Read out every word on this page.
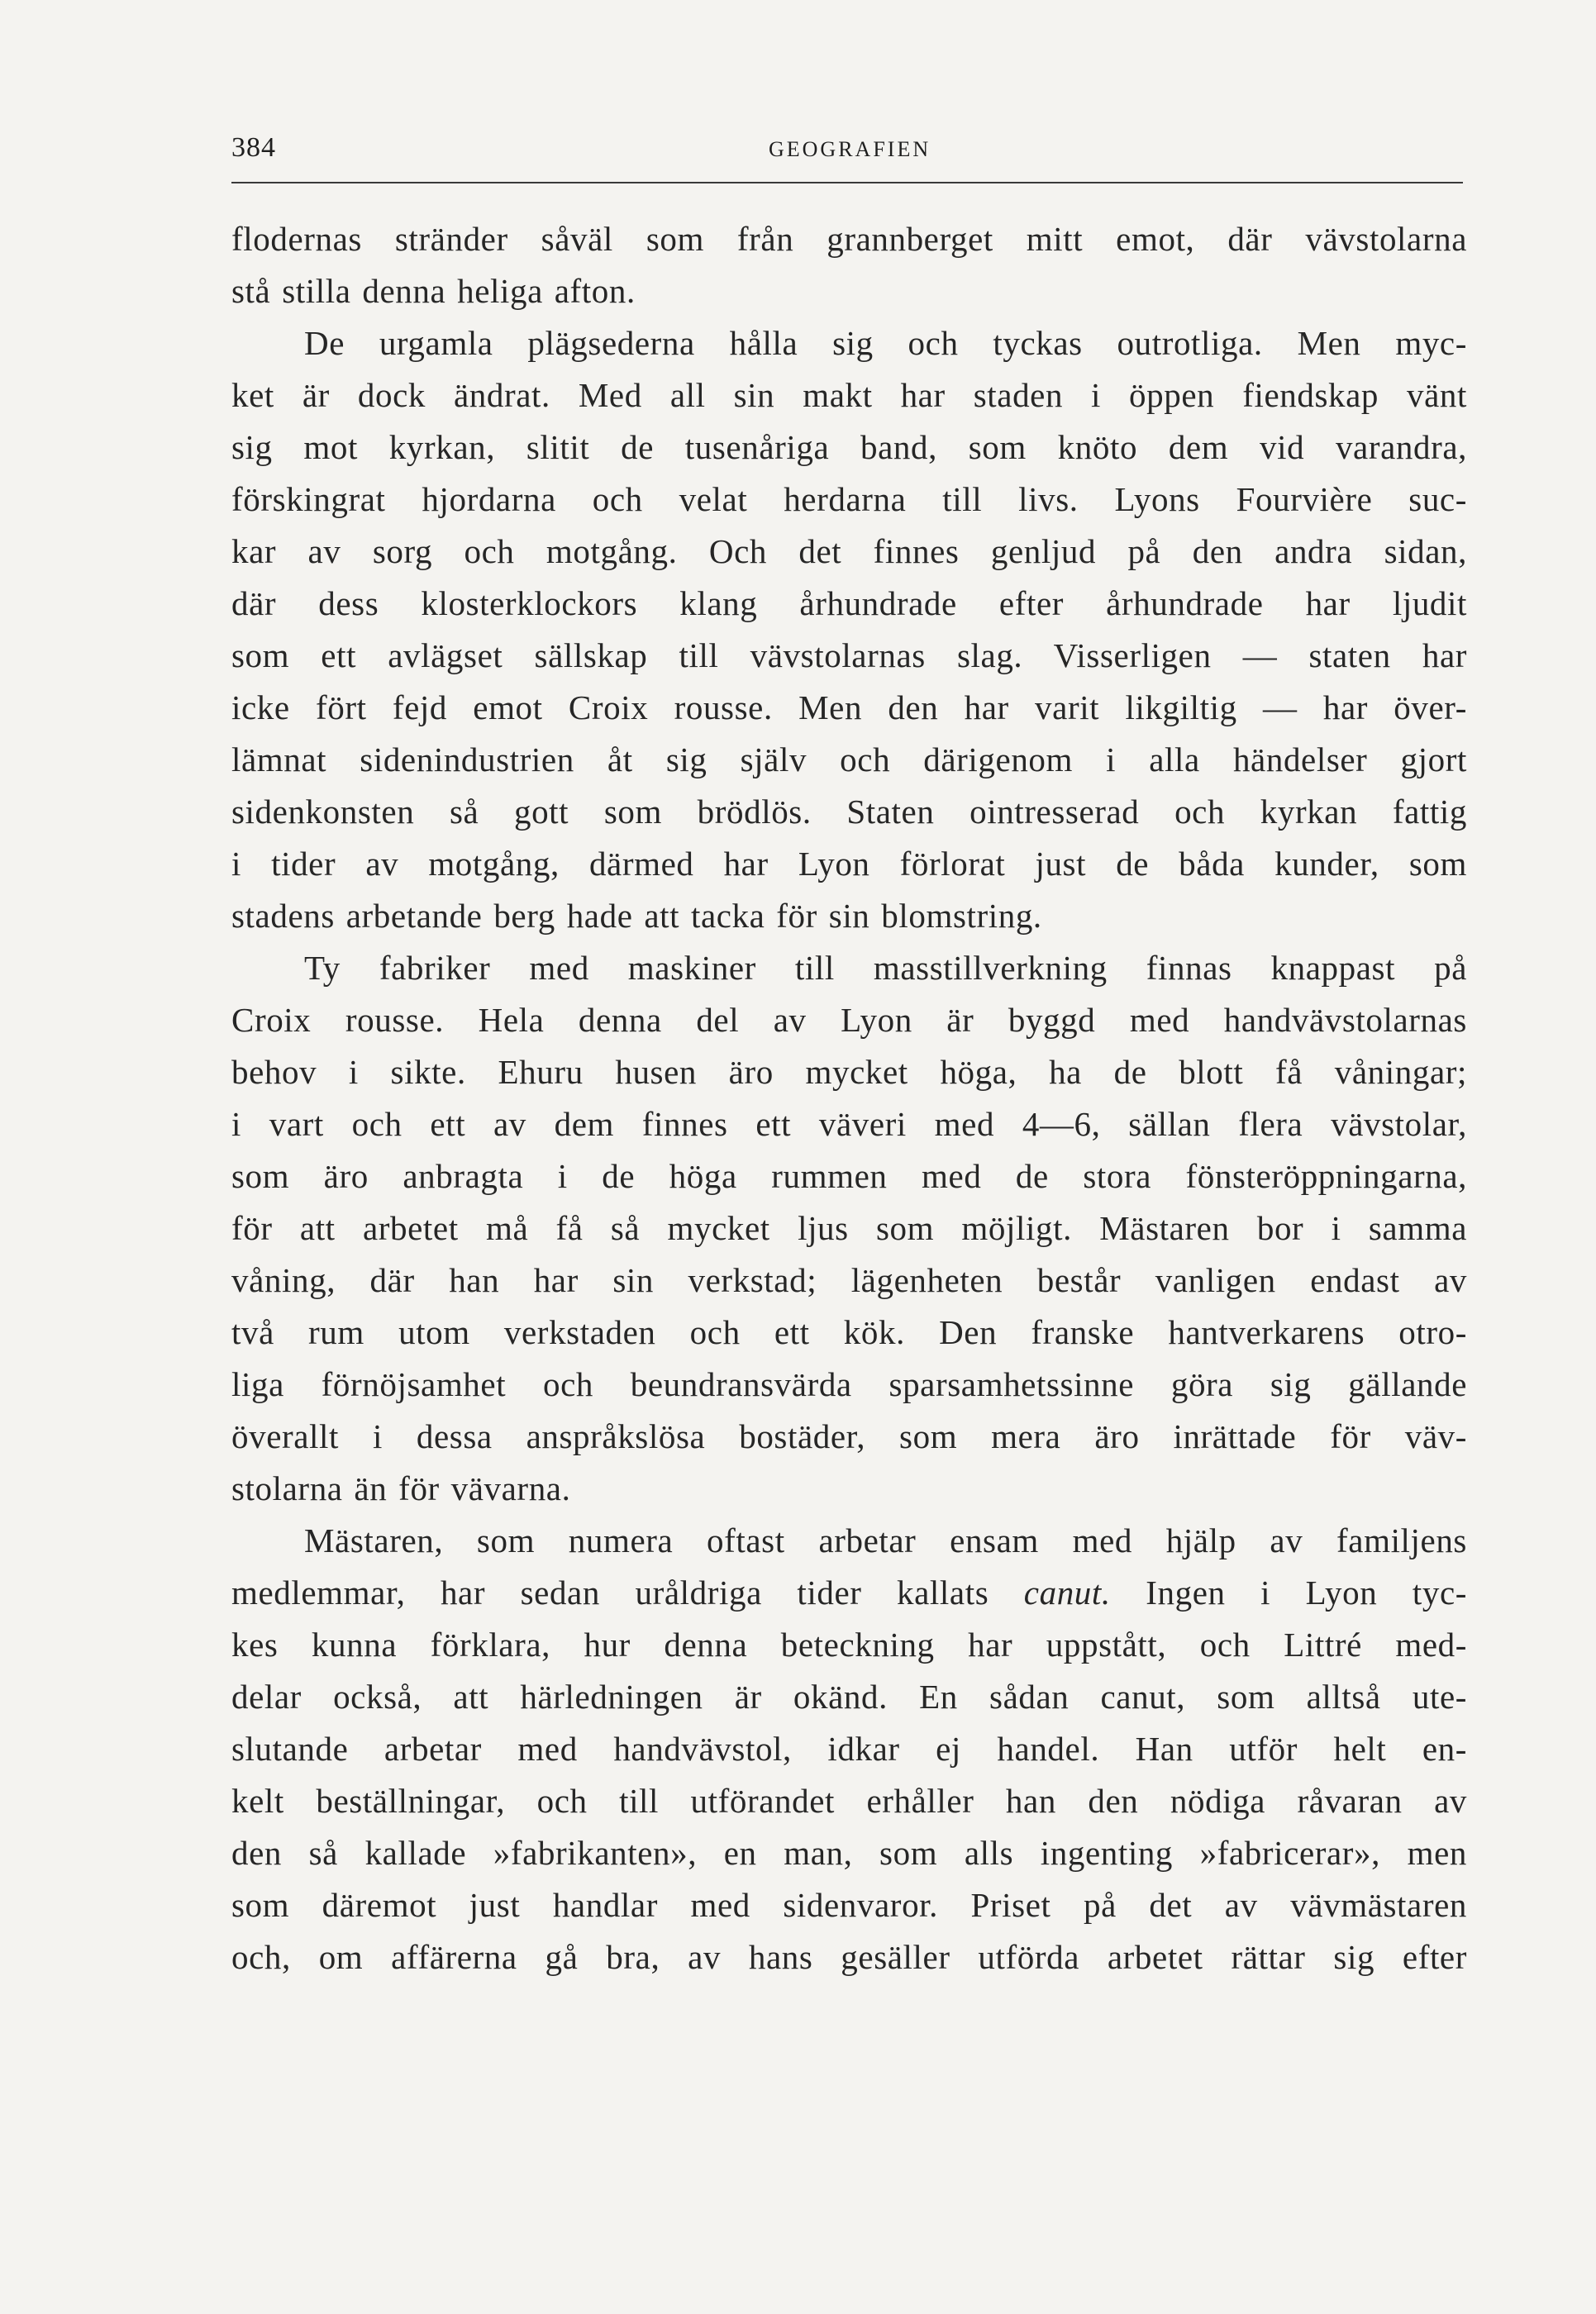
384	GEOGRAFIEN
flodernas stränder såväl som från grannberget mitt emot, där vävstolarna
stå stilla denna heliga afton.
De urgamla plägsederna hålla sig och tyckas outrotliga. Men myc-
ket är dock ändrat. Med all sin makt har staden i öppen fiendskap vänt
sig mot kyrkan, slitit de tusenåriga band, som knöto dem vid varandra,
förskingrat hjordarna och velat herdarna till livs. Lyons Fourvière suc-
kar av sorg och motgång. Och det finnes genljud på den andra sidan,
där dess klosterklockors klang århundrade efter århundrade har ljudit
som ett avlägset sällskap till vävstolarnas slag. Visserligen — staten har
icke fört fejd emot Croix rousse. Men den har varit likgiltig — har över-
lämnat sidenindustrien åt sig själv och därigenom i alla händelser gjort
sidenkonsten så gott som brödlös. Staten ointresserad och kyrkan fattig
i tider av motgång, därmed har Lyon förlorat just de båda kunder, som
stadens arbetande berg hade att tacka för sin blomstring.
Ty fabriker med maskiner till masstillverkning finnas knappast på
Croix rousse. Hela denna del av Lyon är byggd med handvävstolarnas
behov i sikte. Ehuru husen äro mycket höga, ha de blott få våningar;
i vart och ett av dem finnes ett väveri med 4—6, sällan flera vävstolar,
som äro anbragta i de höga rummen med de stora fönsteröppningarna,
för att arbetet må få så mycket ljus som möjligt. Mästaren bor i samma
våning, där han har sin verkstad; lägenheten består vanligen endast av
två rum utom verkstaden och ett kök. Den franske hantverkarens otro-
liga förnöjsamhet och beundransvärda sparsamhetssinne göra sig gällande
överallt i dessa anspråkslösa bostäder, som mera äro inrättade för väv-
stolarna än för vävarna.
Mästaren, som numera oftast arbetar ensam med hjälp av familjens
medlemmar, har sedan uråldriga tider kallats canut. Ingen i Lyon tyc-
kes kunna förklara, hur denna beteckning har uppstått, och Littré med-
delar också, att härledningen är okänd. En sådan canut, som alltså ute-
slutande arbetar med handvävstol, idkar ej handel. Han utför helt en-
kelt beställningar, och till utförandet erhåller han den nödiga råvaran av
den så kallade »fabrikanten», en man, som alls ingenting »fabricerar», men
som däremot just handlar med sidenvaror. Priset på det av vävmästaren
och, om affärerna gå bra, av hans gesäller utförda arbetet rättar sig efter
